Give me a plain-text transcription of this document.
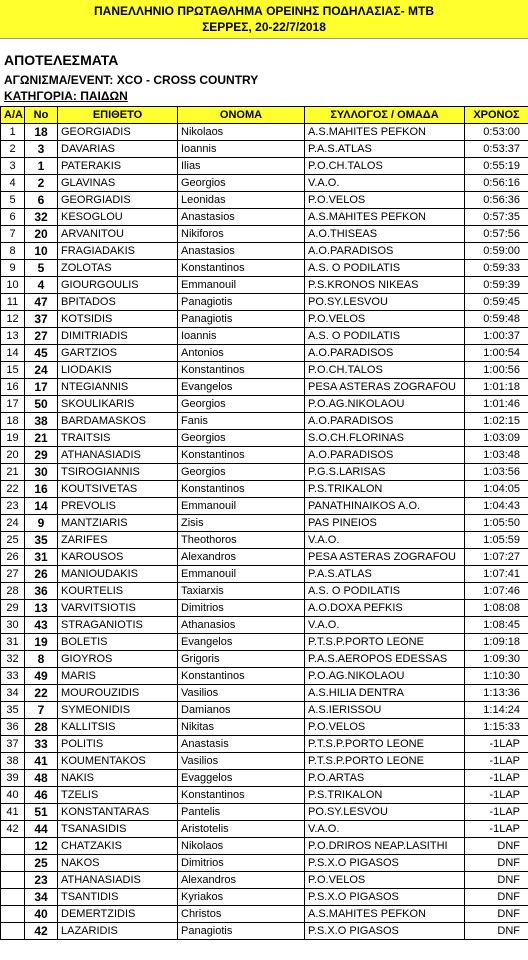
ΠΑΝΕΛΛΗΝΙΟ ΠΡΩΤΑΘΛΗΜΑ ΟΡΕΙΝΗΣ ΠΟΔΗΛΑΣΙΑΣ- MTB
ΣΕΡΡΕΣ, 20-22/7/2018
ΑΠΟΤΕΛΕΣΜΑΤΑ
ΑΓΩΝΙΣΜΑ/EVENT: XCO - CROSS COUNTRY
ΚΑΤΗΓΟΡΙΑ: ΠΑΙΔΩΝ
Α/Α	Νο	ΕΠΙΘΕΤΟ	ΟΝΟΜΑ	ΣΥΛΛΟΓΟΣ / ΟΜΑΔΑ	ΧΡΟΝΟΣ
1	18	GEORGIADIS	Nikolaos	A.S.MAHITES PEFKON	0:53:00
2	3	DAVARIAS	Ioannis	P.A.S.ATLAS	0:53:37
3	1	PATERAKIS	Ilias	P.O.CH.TALOS	0:55:19
4	2	GLAVINAS	Georgios	V.A.O.	0:56:16
5	6	GEORGIADIS	Leonidas	P.O.VELOS	0:56:36
6	32	KESOGLOU	Anastasios	A.S.MAHITES PEFKON	0:57:35
7	20	ARVANITOU	Nikiforos	A.O.THISEAS	0:57:56
8	10	FRAGIADAKIS	Anastasios	A.O.PARADISOS	0:59:00
9	5	ZOLOTAS	Konstantinos	A.S. O PODILATIS	0:59:33
10	4	GIOURGOULIS	Emmanouil	P.S.KRONOS NIKEAS	0:59:39
11	47	BPITADOS	Panagiotis	PO.SY.LESVOU	0:59:45
12	37	KOTSIDIS	Panagiotis	P.O.VELOS	0:59:48
13	27	DIMITRIADIS	Ioannis	A.S. O PODILATIS	1:00:37
14	45	GARTZIOS	Antonios	A.O.PARADISOS	1:00:54
15	24	LIODAKIS	Konstantinos	P.O.CH.TALOS	1:00:56
16	17	NTEGIANNIS	Evangelos	PESA ASTERAS ZOGRAFOU	1:01:18
17	50	SKOULIKARIS	Georgios	P.O.AG.NIKOLAOU	1:01:46
18	38	BARDAMASKOS	Fanis	A.O.PARADISOS	1:02:15
19	21	TRAITSIS	Georgios	S.O.CH.FLORINAS	1:03:09
20	29	ATHANASIADIS	Konstantinos	A.O.PARADISOS	1:03:48
21	30	TSIROGIANNIS	Georgios	P.G.S.LARISAS	1:03:56
22	16	KOUTSIVETAS	Konstantinos	P.S.TRIKALON	1:04:05
23	14	PREVOLIS	Emmanouil	PANATHINAIKOS A.O.	1:04:43
24	9	MANTZIARIS	Zisis	PAS PINEIOS	1:05:50
25	35	ZARIFES	Theothoros	V.A.O.	1:05:59
26	31	KAROUSOS	Alexandros	PESA ASTERAS ZOGRAFOU	1:07:27
27	26	MANIOUDAKIS	Emmanouil	P.A.S.ATLAS	1:07:41
28	36	KOURTELIS	Taxiarxis	A.S. O PODILATIS	1:07:46
29	13	VARVITSIOTIS	Dimitrios	A.O.DOXA PEFKIS	1:08:08
30	43	STRAGANIOTIS	Athanasios	V.A.O.	1:08:45
31	19	BOLETIS	Evangelos	P.T.S.P.PORTO LEONE	1:09:18
32	8	GIOYROS	Grigoris	P.A.S.AEROPOS EDESSAS	1:09:30
33	49	MARIS	Konstantinos	P.O.AG.NIKOLAOU	1:10:30
34	22	MOUROUZIDIS	Vasilios	A.S.HILIA DENTRA	1:13:36
35	7	SYMEONIDIS	Damianos	A.S.IERISSOU	1:14:24
36	28	KALLITSIS	Nikitas	P.O.VELOS	1:15:33
37	33	POLITIS	Anastasis	P.T.S.P.PORTO LEONE	-1LAP
38	41	KOUMENTAKOS	Vasilios	P.T.S.P.PORTO LEONE	-1LAP
39	48	NAKIS	Evaggelos	P.O.ARTAS	-1LAP
40	46	TZELIS	Konstantinos	P.S.TRIKALON	-1LAP
41	51	KONSTANTARAS	Pantelis	PO.SY.LESVOU	-1LAP
42	44	TSANASIDIS	Aristotelis	V.A.O.	-1LAP
	12	CHATZAKIS	Nikolaos	P.O.DRIROS NEAP.LASITHI	DNF
	25	NAKOS	Dimitrios	P.S.X.O PIGASOS	DNF
	23	ATHANASIADIS	Alexandros	P.O.VELOS	DNF
	34	TSANTIDIS	Kyriakos	P.S.X.O PIGASOS	DNF
	40	DEMERTZIDIS	Christos	A.S.MAHITES PEFKON	DNF
	42	LAZARIDIS	Panagiotis	P.S.X.O PIGASOS	DNF
